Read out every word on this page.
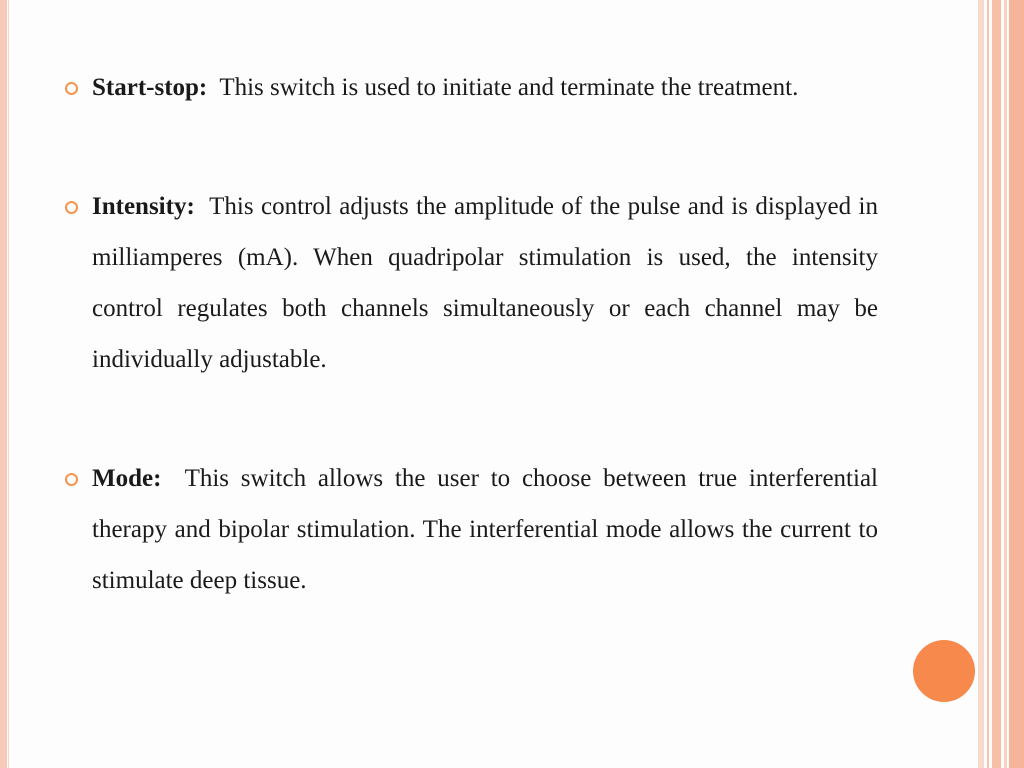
Start-stop: This switch is used to initiate and terminate the treatment.

Intensity: This control adjusts the amplitude of the pulse and is displayed in milliamperes (mA). When quadripolar stimulation is used, the intensity control regulates both channels simultaneously or each channel may be individually adjustable.

Mode: This switch allows the user to choose between true interferential therapy and bipolar stimulation. The interferential mode allows the current to stimulate deep tissue.
